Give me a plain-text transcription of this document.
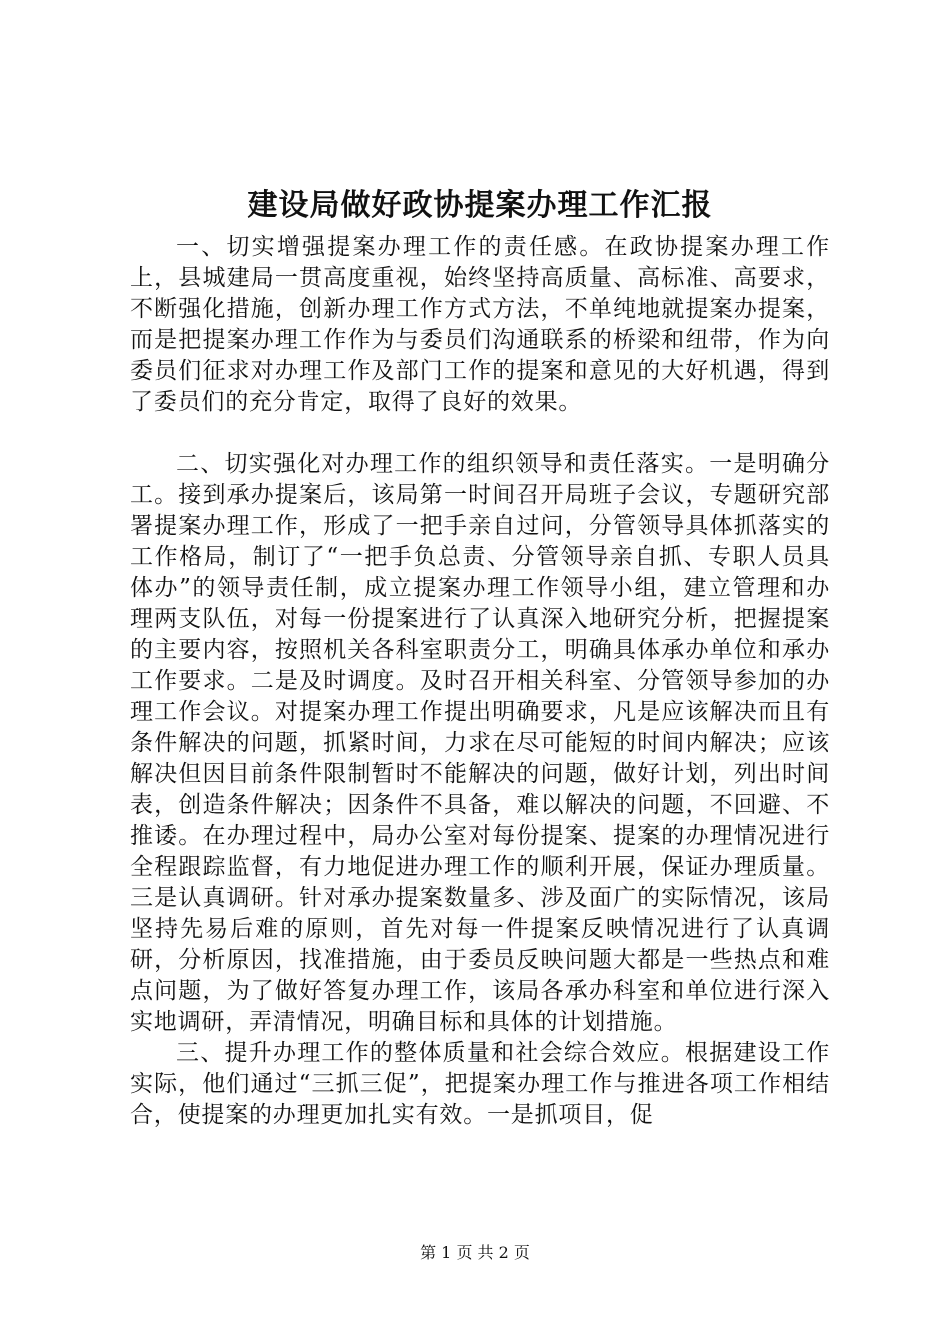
建设局做好政协提案办理工作汇报

一、切实增强提案办理工作的责任感。在政协提案办理工作上，县城建局一贯高度重视，始终坚持高质量、高标准、高要求，不断强化措施，创新办理工作方式方法，不单纯地就提案办提案，而是把提案办理工作作为与委员们沟通联系的桥梁和纽带，作为向委员们征求对办理工作及部门工作的提案和意见的大好机遇，得到了委员们的充分肯定，取得了良好的效果。

二、切实强化对办理工作的组织领导和责任落实。一是明确分工。接到承办提案后，该局第一时间召开局班子会议，专题研究部署提案办理工作，形成了一把手亲自过问，分管领导具体抓落实的工作格局，制订了“一把手负总责、分管领导亲自抓、专职人员具体办”的领导责任制，成立提案办理工作领导小组，建立管理和办理两支队伍，对每一份提案进行了认真深入地研究分析，把握提案的主要内容，按照机关各科室职责分工，明确具体承办单位和承办工作要求。二是及时调度。及时召开相关科室、分管领导参加的办理工作会议。对提案办理工作提出明确要求，凡是应该解决而且有条件解决的问题，抓紧时间，力求在尽可能短的时间内解决；应该解决但因目前条件限制暂时不能解决的问题，做好计划，列出时间表，创造条件解决；因条件不具备，难以解决的问题，不回避、不推诿。在办理过程中，局办公室对每份提案、提案的办理情况进行全程跟踪监督，有力地促进办理工作的顺利开展，保证办理质量。三是认真调研。针对承办提案数量多、涉及面广的实际情况，该局坚持先易后难的原则，首先对每一件提案反映情况进行了认真调研，分析原因，找准措施，由于委员反映问题大都是一些热点和难点问题，为了做好答复办理工作，该局各承办科室和单位进行深入实地调研，弄清情况，明确目标和具体的计划措施。

三、提升办理工作的整体质量和社会综合效应。根据建设工作实际，他们通过“三抓三促”，把提案办理工作与推进各项工作相结合，使提案的办理更加扎实有效。一是抓项目，促

第 1 页 共 2 页
